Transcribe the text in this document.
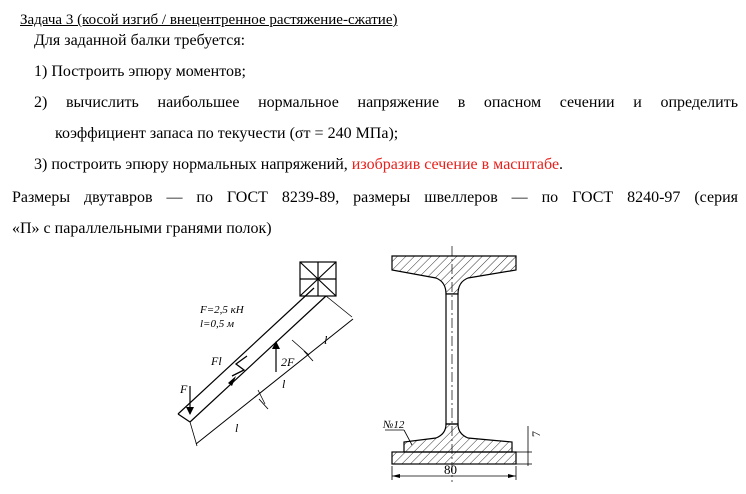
Задача 3 (косой изгиб / внецентренное растяжение-сжатие)
Для заданной балки требуется:
1) Построить эпюру моментов;
2) вычислить наибольшее нормальное напряжение в опасном сечении и определить
коэффициент запаса по текучести (σт = 240 МПа);
3) построить эпюру нормальных напряжений, изобразив сечение в масштабе.
Размеры двутавров — по ГОСТ 8239-89, размеры швеллеров — по ГОСТ 8240-97 (серия
«П» с параллельными гранями полок)
F=2,5 кН
l=0,5 м
Fl
F
2F
l
l
l
№12
80
7
